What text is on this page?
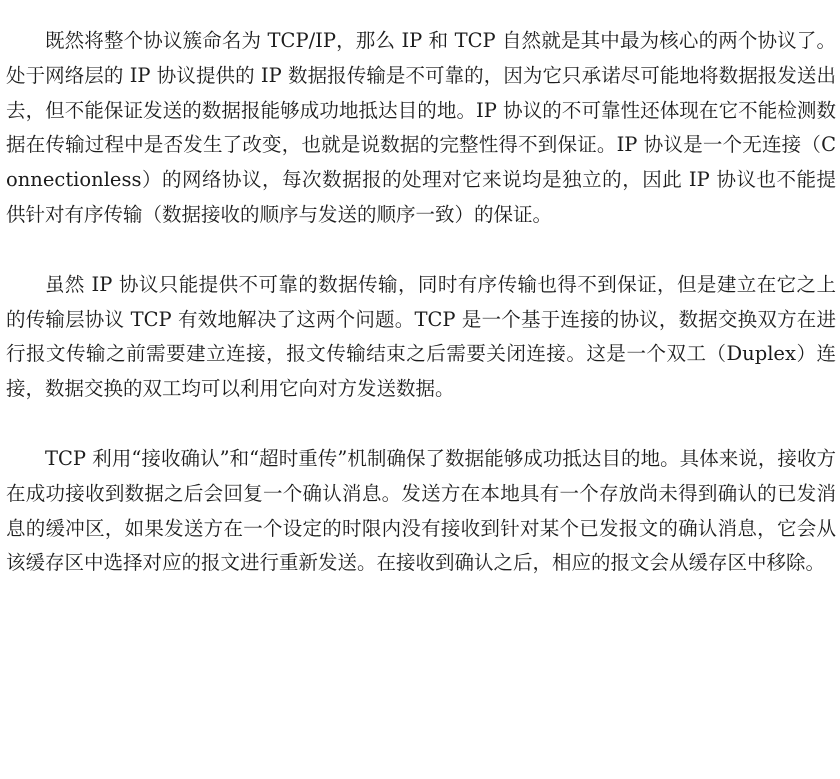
既然将整个协议簇命名为 TCP/IP，那么 IP 和 TCP 自然就是其中最为核心的两个协议了。处于网络层的 IP 协议提供的 IP 数据报传输是不可靠的，因为它只承诺尽可能地将数据报发送出去，但不能保证发送的数据报能够成功地抵达目的地。IP 协议的不可靠性还体现在它不能检测数据在传输过程中是否发生了改变，也就是说数据的完整性得不到保证。IP 协议是一个无连接（Connectionless）的网络协议，每次数据报的处理对它来说均是独立的，因此 IP 协议也不能提供针对有序传输（数据接收的顺序与发送的顺序一致）的保证。

虽然 IP 协议只能提供不可靠的数据传输，同时有序传输也得不到保证，但是建立在它之上的传输层协议 TCP 有效地解决了这两个问题。TCP 是一个基于连接的协议，数据交换双方在进行报文传输之前需要建立连接，报文传输结束之后需要关闭连接。这是一个双工（Duplex）连接，数据交换的双工均可以利用它向对方发送数据。

TCP 利用“接收确认”和“超时重传”机制确保了数据能够成功抵达目的地。具体来说，接收方在成功接收到数据之后会回复一个确认消息。发送方在本地具有一个存放尚未得到确认的已发消息的缓冲区，如果发送方在一个设定的时限内没有接收到针对某个已发报文的确认消息，它会从该缓存区中选择对应的报文进行重新发送。在接收到确认之后，相应的报文会从缓存区中移除。
